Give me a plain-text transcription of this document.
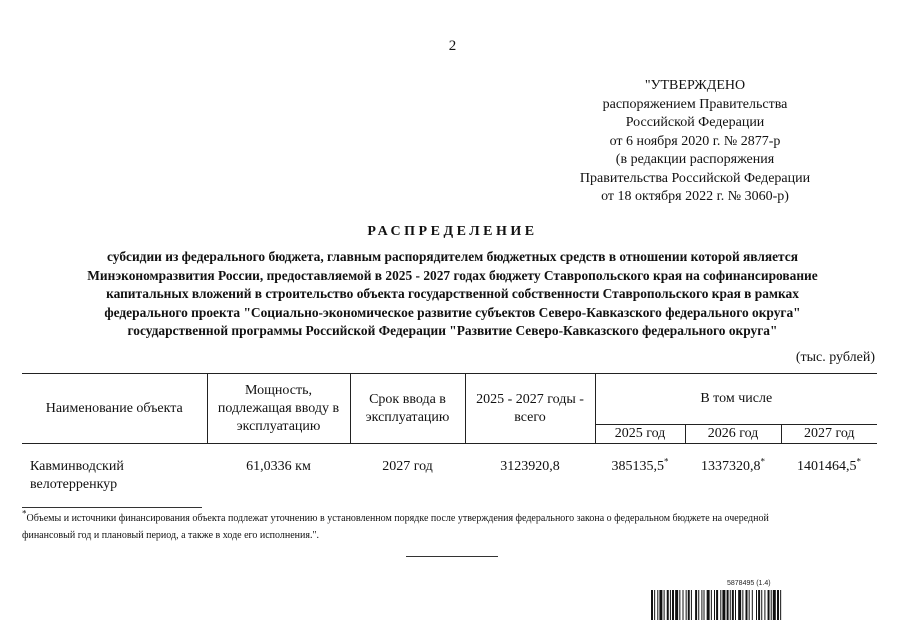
2
"УТВЕРЖДЕНО
распоряжением Правительства
Российской Федерации
от 6 ноября 2020 г. № 2877-р
(в редакции распоряжения
Правительства Российской Федерации
от 18 октября 2022 г. № 3060-р)
РАСПРЕДЕЛЕНИЕ
субсидии из федерального бюджета, главным распорядителем бюджетных средств в отношении которой является
Минэкономразвития России, предоставляемой в 2025 - 2027 годах бюджету Ставропольского края на софинансирование
капитальных вложений в строительство объекта государственной собственности Ставропольского края в рамках
федерального проекта "Социально-экономическое развитие субъектов Северо-Кавказского федерального округа"
государственной программы Российской Федерации "Развитие Северо-Кавказского федерального округа"
(тыс. рублей)
Наименование объекта	Мощность, подлежащая вводу в эксплуатацию	Срок ввода в эксплуатацию	2025 - 2027 годы - всего	В том числе		
				2025 год	2026 год	2027 год
Кавминводский велотерренкур	61,0336 км	2027 год	3123920,8	385135,5*	1337320,8*	1401464,5*
*Объемы и источники финансирования объекта подлежат уточнению в установленном порядке после утверждения федерального закона о федеральном бюджете на очередной
финансовый год и плановый период, а также в ходе его исполнения.".
5878495 (1.4)
